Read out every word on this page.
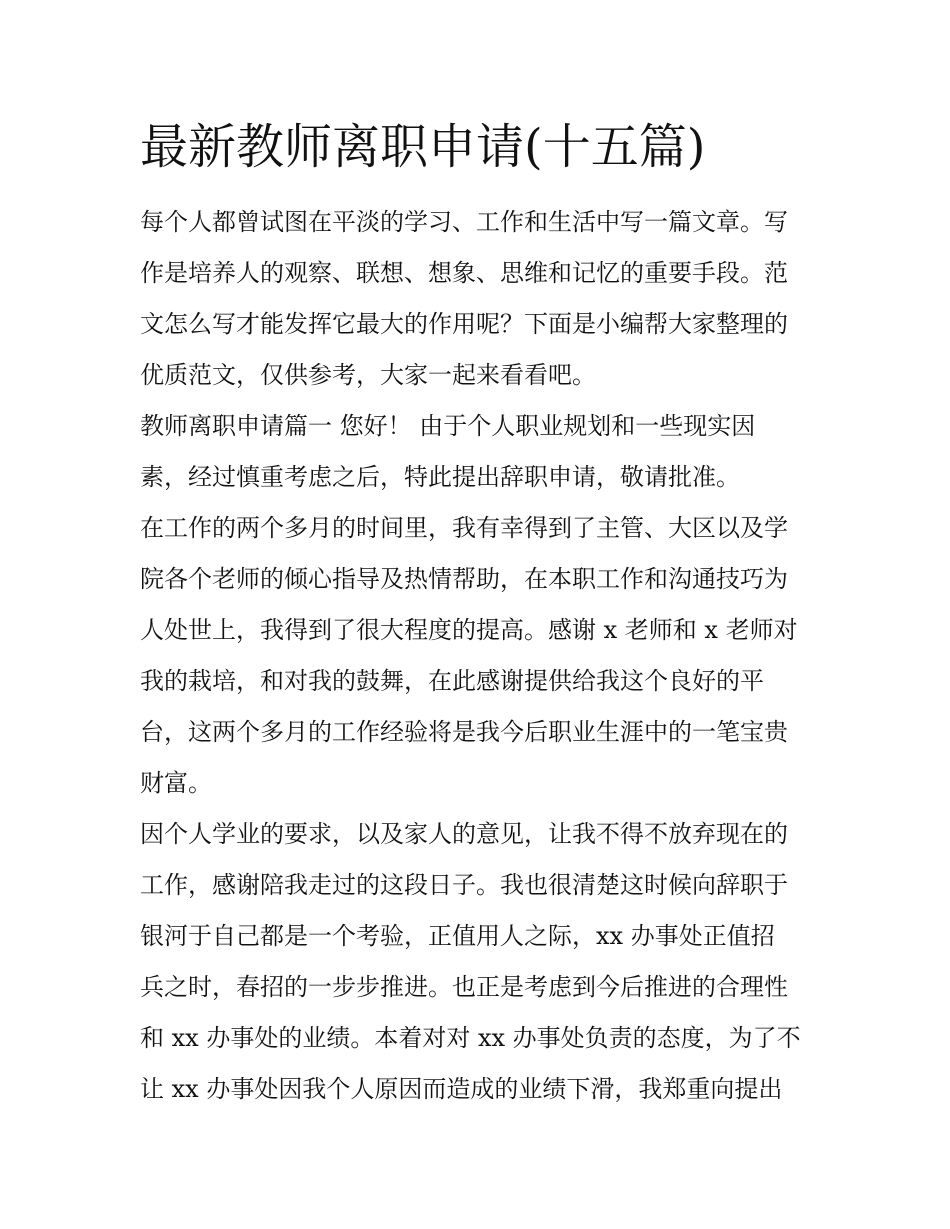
最新教师离职申请(十五篇)

每个人都曾试图在平淡的学习、工作和生活中写一篇文章。写

作是培养人的观察、联想、想象、思维和记忆的重要手段。范

文怎么写才能发挥它最大的作用呢？下面是小编帮大家整理的

优质范文，仅供参考，大家一起来看看吧。

教师离职申请篇一 您好！ 由于个人职业规划和一些现实因

素，经过慎重考虑之后，特此提出辞职申请，敬请批准。

在工作的两个多月的时间里，我有幸得到了主管、大区以及学

院各个老师的倾心指导及热情帮助，在本职工作和沟通技巧为

人处世上，我得到了很大程度的提高。感谢 x 老师和 x 老师对

我的栽培，和对我的鼓舞，在此感谢提供给我这个良好的平

台，这两个多月的工作经验将是我今后职业生涯中的一笔宝贵

财富。

因个人学业的要求，以及家人的意见，让我不得不放弃现在的

工作，感谢陪我走过的这段日子。我也很清楚这时候向辞职于

银河于自己都是一个考验，正值用人之际，xx 办事处正值招

兵之时，春招的一步步推进。也正是考虑到今后推进的合理性

和 xx 办事处的业绩。本着对对 xx 办事处负责的态度，为了不

让 xx 办事处因我个人原因而造成的业绩下滑，我郑重向提出
